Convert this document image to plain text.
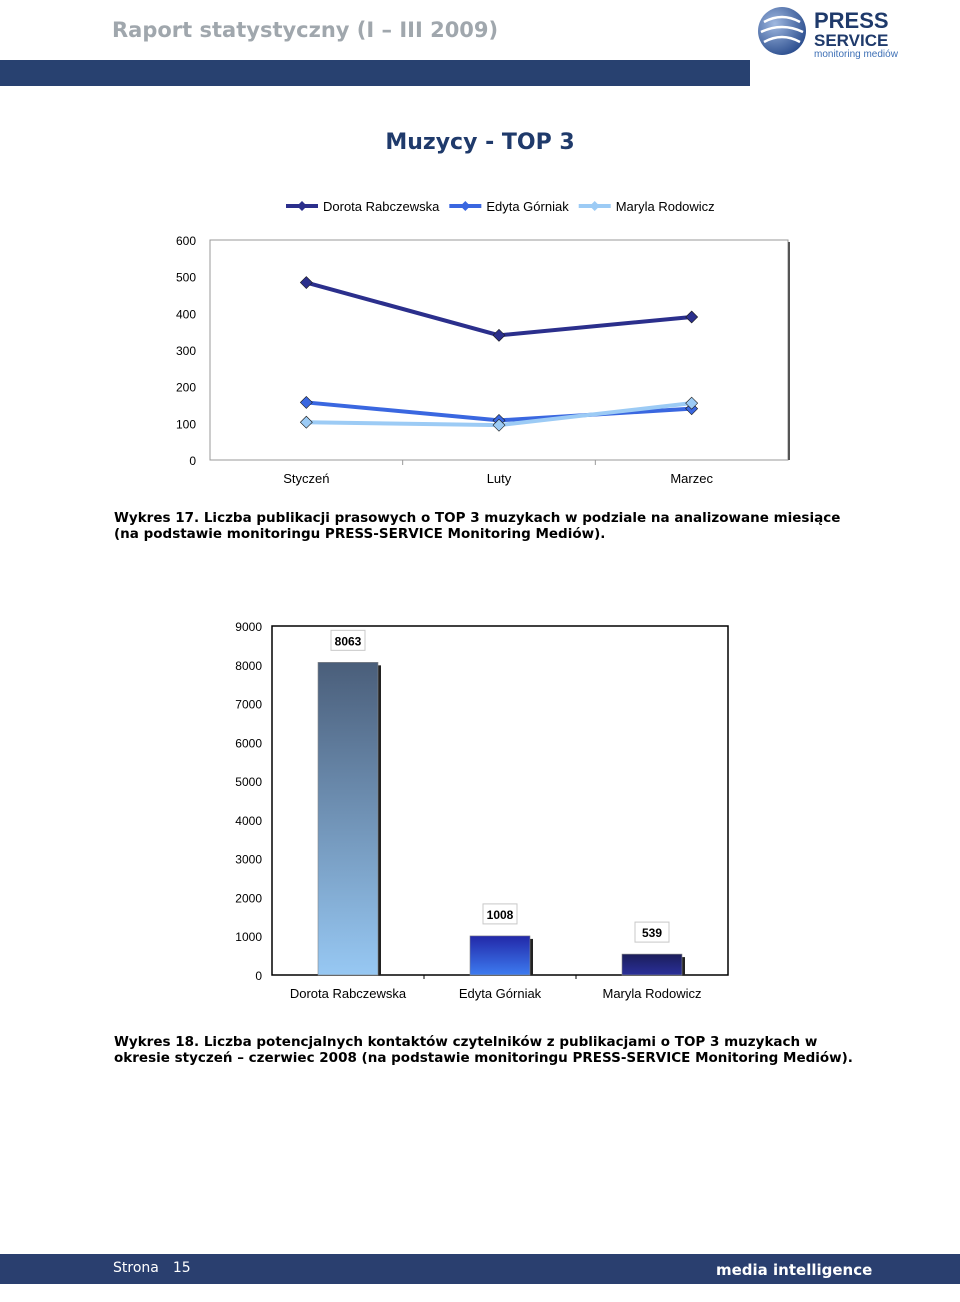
Raport statystyczny (I – III 2009)	PRESS
SERVICE
monitoring mediów
Muzycy - TOP 3
0
100
200
300
400
500
600
Styczeń	Luty	Marzec
Dorota Rabczewska	Edyta Górniak	Maryla Rodowicz
Wykres 17. Liczba publikacji prasowych o TOP 3 muzykach w podziale na analizowane miesiące (na podstawie monitoringu PRESS-SERVICE Monitoring Mediów).
0
1000
2000
3000
4000
5000
6000
7000
8000
9000
Dorota Rabczewska	Edyta Górniak	Maryla Rodowicz
8063
1008
539
Wykres 18. Liczba potencjalnych kontaktów czytelników z publikacjami o TOP 3 muzykach w okresie styczeń – czerwiec 2008 (na podstawie monitoringu PRESS-SERVICE Monitoring Mediów).
Strona 15	media intelligence
